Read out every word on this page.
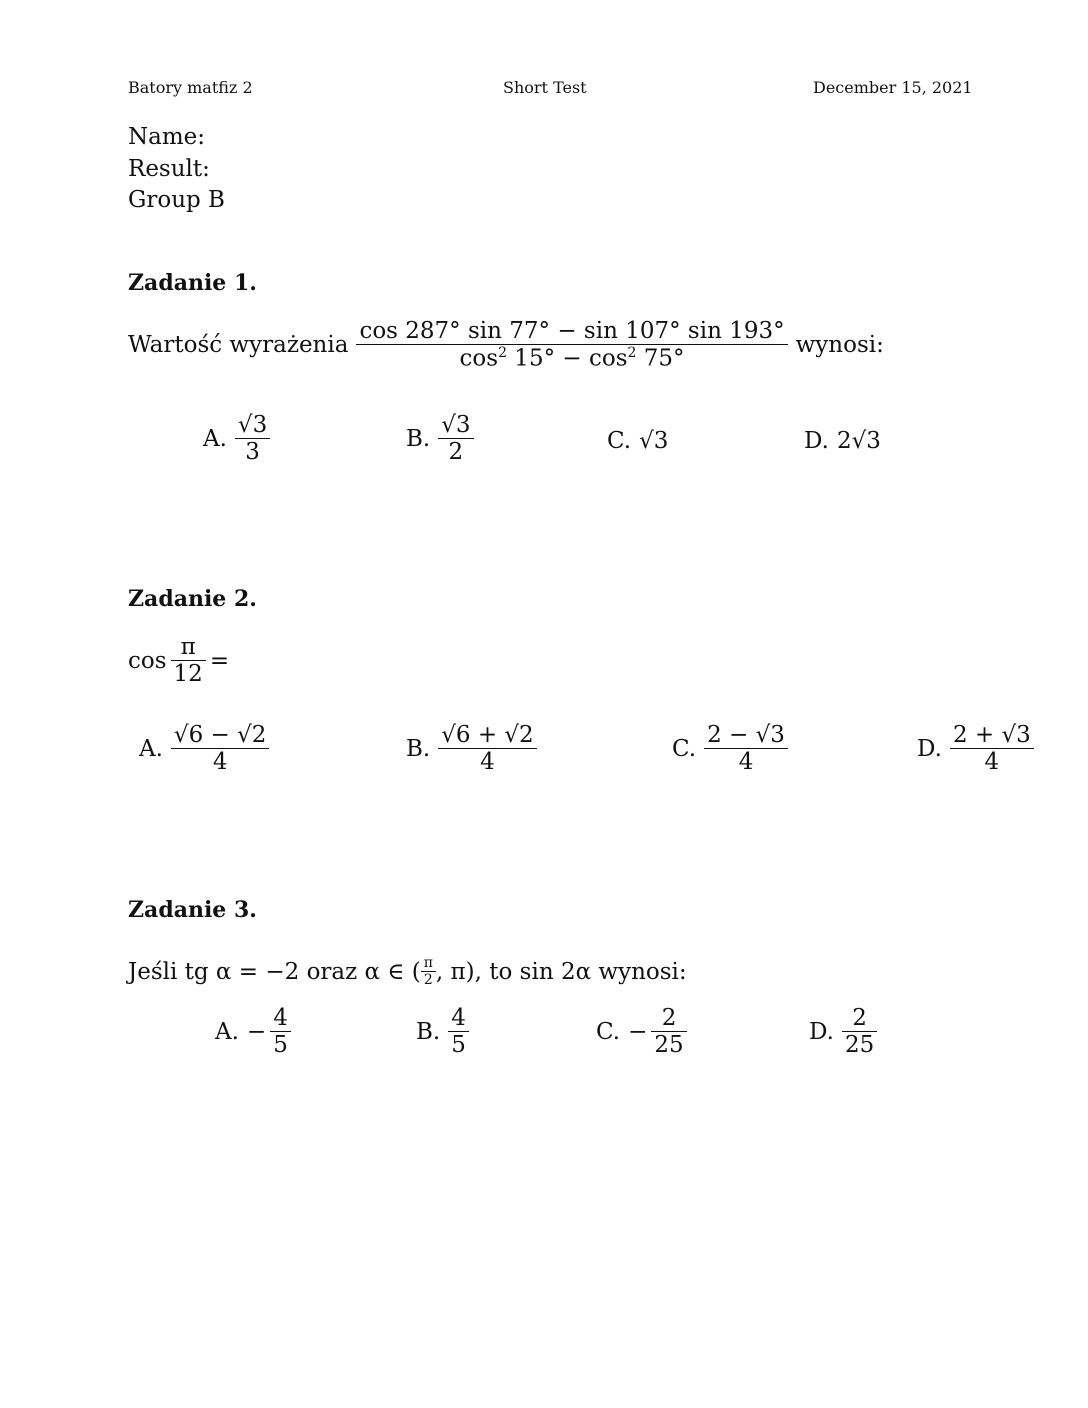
Batory matfiz 2	Short Test	December 15, 2021
Name:
Result:
Group B
Zadanie 1.
Wartość wyrażenia $\frac{\cos 287^\circ \sin 77^\circ - \sin 107^\circ \sin 193^\circ}{\cos^2 15^\circ - \cos^2 75^\circ}$ wynosi:
A. $\frac{√3}{3}$	B. $\frac{√3}{2}$	C. √3	D. 2√3
Zadanie 2.
$\cos \frac{\pi}{12}$ =
A. $\frac{√6 - √2}{4}$	B. $\frac{√6 + √2}{4}$	C. $\frac{2 - √3}{4}$	D. $\frac{2 + √3}{4}$
Zadanie 3.
Jeśli tg α = −2 oraz α ∈ ( $\frac{\pi}{2}$ , π), to sin 2α wynosi:
A. − $\frac{4}{5}$	B. $\frac{4}{5}$	C. − $\frac{2}{25}$	D. $\frac{2}{25}$
